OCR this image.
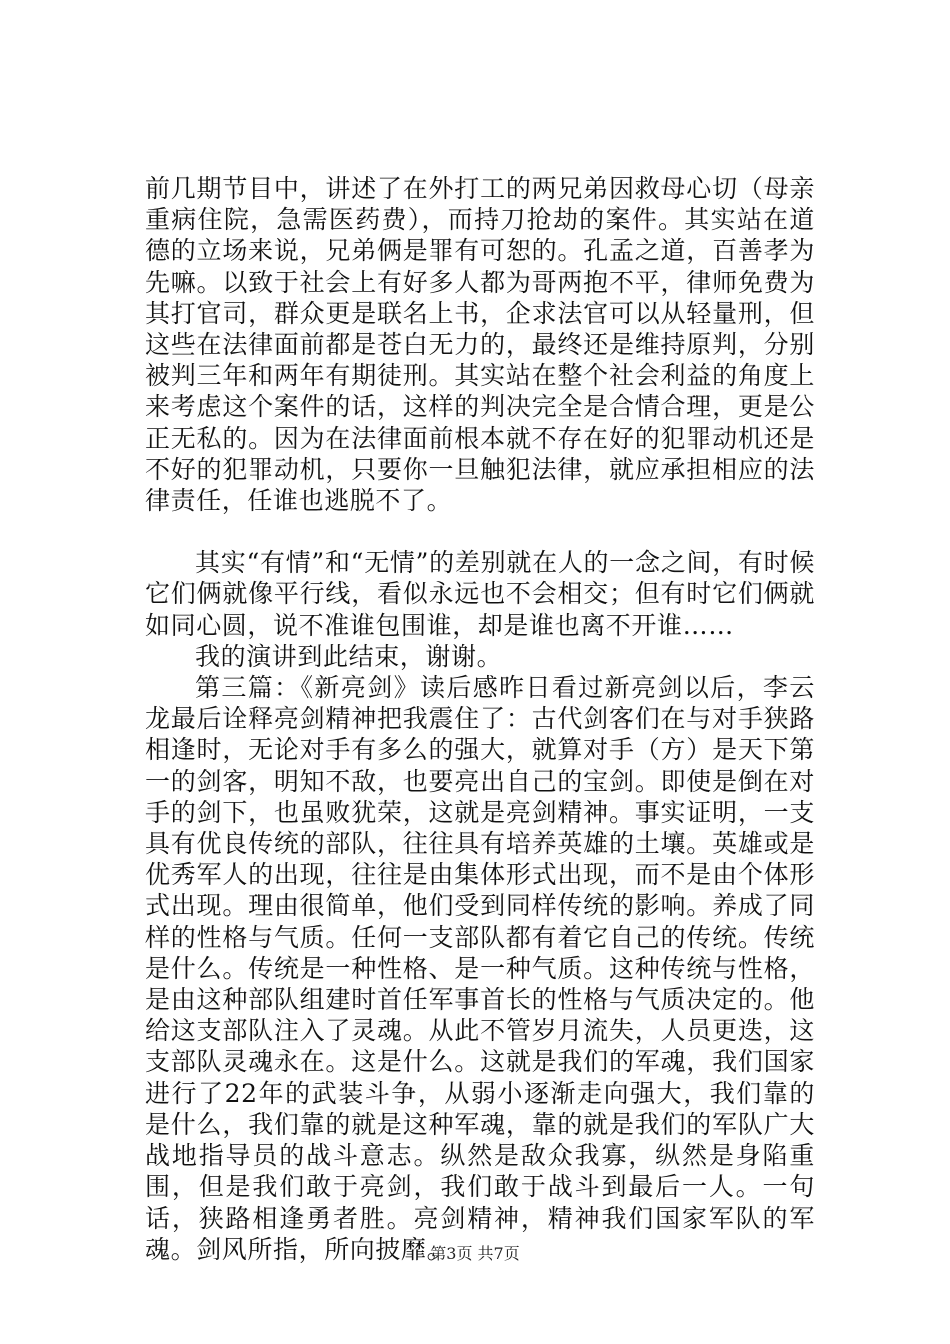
前几期节目中，讲述了在外打工的两兄弟因救母心切（母亲重病住院，急需医药费），而持刀抢劫的案件。其实站在道德的立场来说，兄弟俩是罪有可恕的。孔孟之道，百善孝为先嘛。以致于社会上有好多人都为哥两抱不平，律师免费为其打官司，群众更是联名上书，企求法官可以从轻量刑，但这些在法律面前都是苍白无力的，最终还是维持原判，分别被判三年和两年有期徒刑。其实站在整个社会利益的角度上来考虑这个案件的话，这样的判决完全是合情合理，更是公正无私的。因为在法律面前根本就不存在好的犯罪动机还是不好的犯罪动机，只要你一旦触犯法律，就应承担相应的法律责任，任谁也逃脱不了。

其实“有情”和“无情”的差别就在人的一念之间，有时候它们俩就像平行线，看似永远也不会相交；但有时它们俩就如同心圆，说不准谁包围谁，却是谁也离不开谁……

我的演讲到此结束，谢谢。

第三篇：《新亮剑》读后感昨日看过新亮剑以后，李云龙最后诠释亮剑精神把我震住了：古代剑客们在与对手狭路相逢时，无论对手有多么的强大，就算对手（方）是天下第一的剑客，明知不敌，也要亮出自己的宝剑。即使是倒在对手的剑下，也虽败犹荣，这就是亮剑精神。事实证明，一支具有优良传统的部队，往往具有培养英雄的土壤。英雄或是优秀军人的出现，往往是由集体形式出现，而不是由个体形式出现。理由很简单，他们受到同样传统的影响。养成了同样的性格与气质。任何一支部队都有着它自己的传统。传统是什么。传统是一种性格、是一种气质。这种传统与性格，是由这种部队组建时首任军事首长的性格与气质决定的。他给这支部队注入了灵魂。从此不管岁月流失，人员更迭，这支部队灵魂永在。这是什么。这就是我们的军魂，我们国家进行了22年的武装斗争，从弱小逐渐走向强大，我们靠的是什么，我们靠的就是这种军魂，靠的就是我们的军队广大战地指导员的战斗意志。纵然是敌众我寡，纵然是身陷重围，但是我们敢于亮剑，我们敢于战斗到最后一人。一句话，狭路相逢勇者胜。亮剑精神，精神我们国家军队的军魂。剑风所指，所向披靡。

第3页 共7页
